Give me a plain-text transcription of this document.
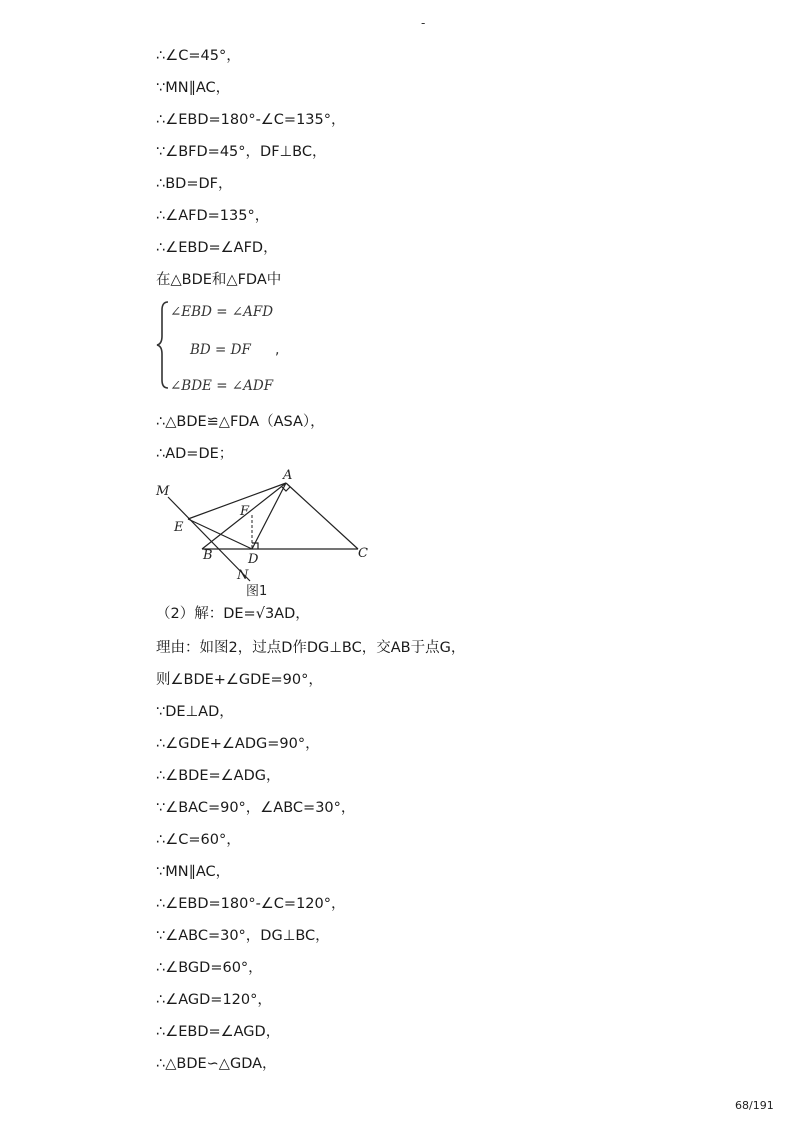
-
∴∠C=45°，
∵MN∥AC，
∴∠EBD=180°-∠C=135°，
∵∠BFD=45°，DF⊥BC，
∴BD=DF，
∴∠AFD=135°，
∴∠EBD=∠AFD，
在△BDE和△FDA中
∠EBD = ∠AFD
BD = DF
∠BDE = ∠ADF
,
∴△BDE≌△FDA（ASA），
∴AD=DE；
M
A
F
E
B	D	C
N
图1
（2）解：DE=√3AD，
理由：如图2，过点D作DG⊥BC，交AB于点G，
则∠BDE+∠GDE=90°，
∵DE⊥AD，
∴∠GDE+∠ADG=90°，
∴∠BDE=∠ADG，
∵∠BAC=90°，∠ABC=30°，
∴∠C=60°，
∵MN∥AC，
∴∠EBD=180°-∠C=120°，
∵∠ABC=30°，DG⊥BC，
∴∠BGD=60°，
∴∠AGD=120°，
∴∠EBD=∠AGD，
∴△BDE∽△GDA，
68/191
